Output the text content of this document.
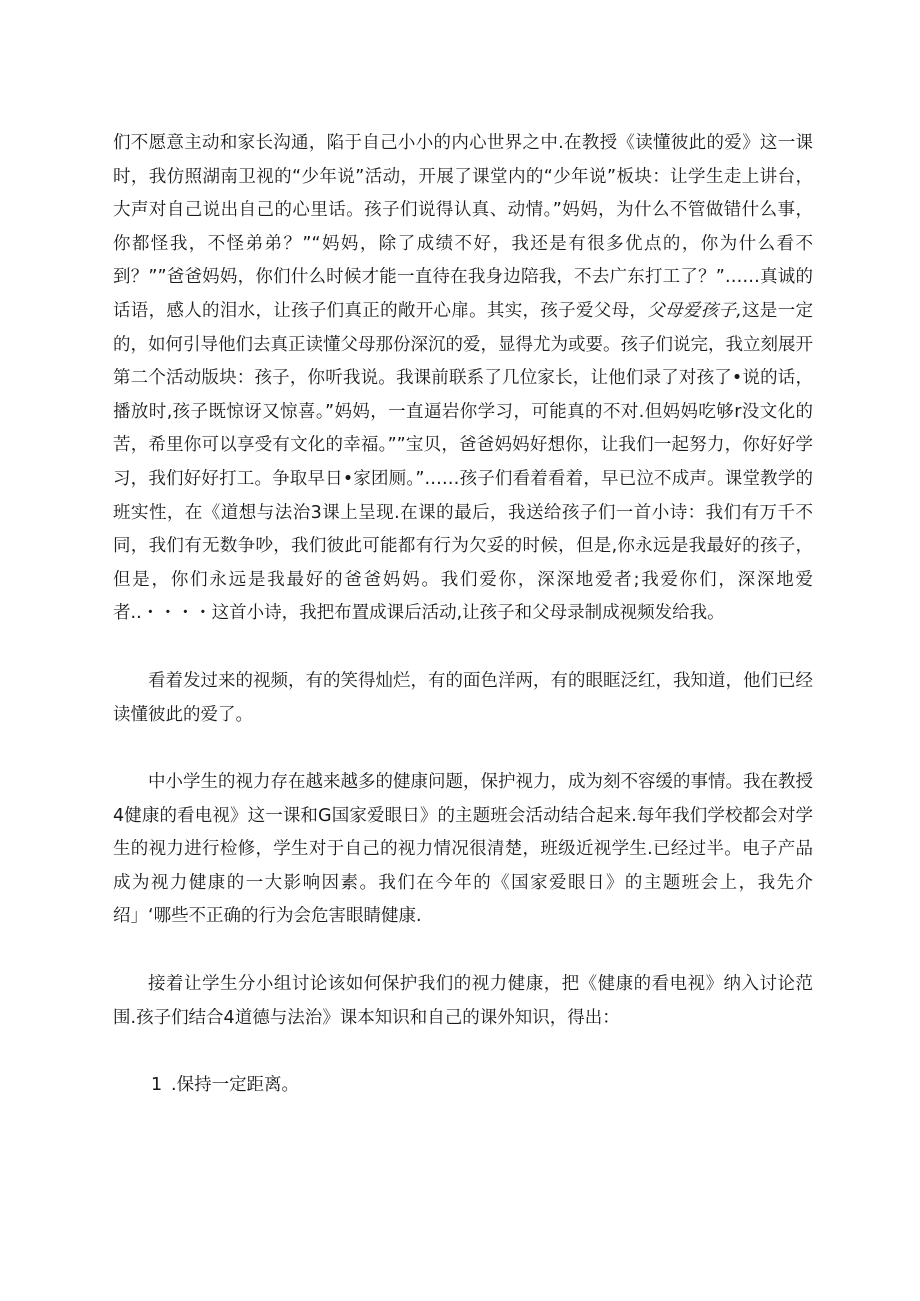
们不愿意主动和家长沟通，陷于自己小小的内心世界之中.在教授《读懂彼此的爱》这一课时，我仿照湖南卫视的“少年说”活动，开展了课堂内的“少年说”板块：让学生走上讲台，大声对自己说出自己的心里话。孩子们说得认真、动情。”妈妈，为什么不管做错什么事，你都怪我，不怪弟弟？”“妈妈，除了成绩不好，我还是有很多优点的，你为什么看不到？””爸爸妈妈，你们什么时候才能一直待在我身边陪我，不去广东打工了？”……真诚的话语，感人的泪水，让孩子们真正的敞开心扉。其实，孩子爱父母，父母爱孩子,这是一定的，如何引导他们去真正读懂父母那份深沉的爱，显得尤为或要。孩子们说完，我立刻展开第二个活动版块：孩子，你听我说。我课前联系了几位家长，让他们录了对孩了•说的话，播放时,孩子既惊讶又惊喜。”妈妈，一直逼岩你学习，可能真的不对.但妈妈吃够r没文化的苦，希里你可以享受有文化的幸福。””宝贝，爸爸妈妈好想你，让我们一起努力，你好好学习，我们好好打工。争取早日•家团厕。”……孩子们看着看着，早已泣不成声。课堂教学的班实性，在《道想与法治3课上呈现.在课的最后，我送给孩子们一首小诗：我们有万千不同，我们有无数争吵，我们彼此可能都有行为欠妥的时候，但是,你永远是我最好的孩子，但是，你们永远是我最好的爸爸妈妈。我们爱你，深深地爱者;我爱你们，深深地爱者..・・・・这首小诗，我把布置成课后活动,让孩子和父母录制成视频发给我。

看着发过来的视频，有的笑得灿烂，有的面色洋两，有的眼眶泛红，我知道，他们已经读懂彼此的爱了。

中小学生的视力存在越来越多的健康问题，保护视力，成为刻不容缓的事情。我在教授4健康的看电视》这一课和G国家爱眼日》的主题班会活动结合起来.每年我们学校都会对学生的视力进行检修，学生对于自己的视力情况很清楚，班级近视学生.已经过半。电子产品成为视力健康的一大影响因素。我们在今年的《国家爱眼日》的主题班会上，我先介绍」‘哪些不正确的行为会危害眼睛健康.

接着让学生分小组讨论该如何保护我们的视力健康，把《健康的看电视》纳入讨论范围.孩子们结合4道德与法治》课本知识和自己的课外知识，得出：

1 .保持一定距离。
